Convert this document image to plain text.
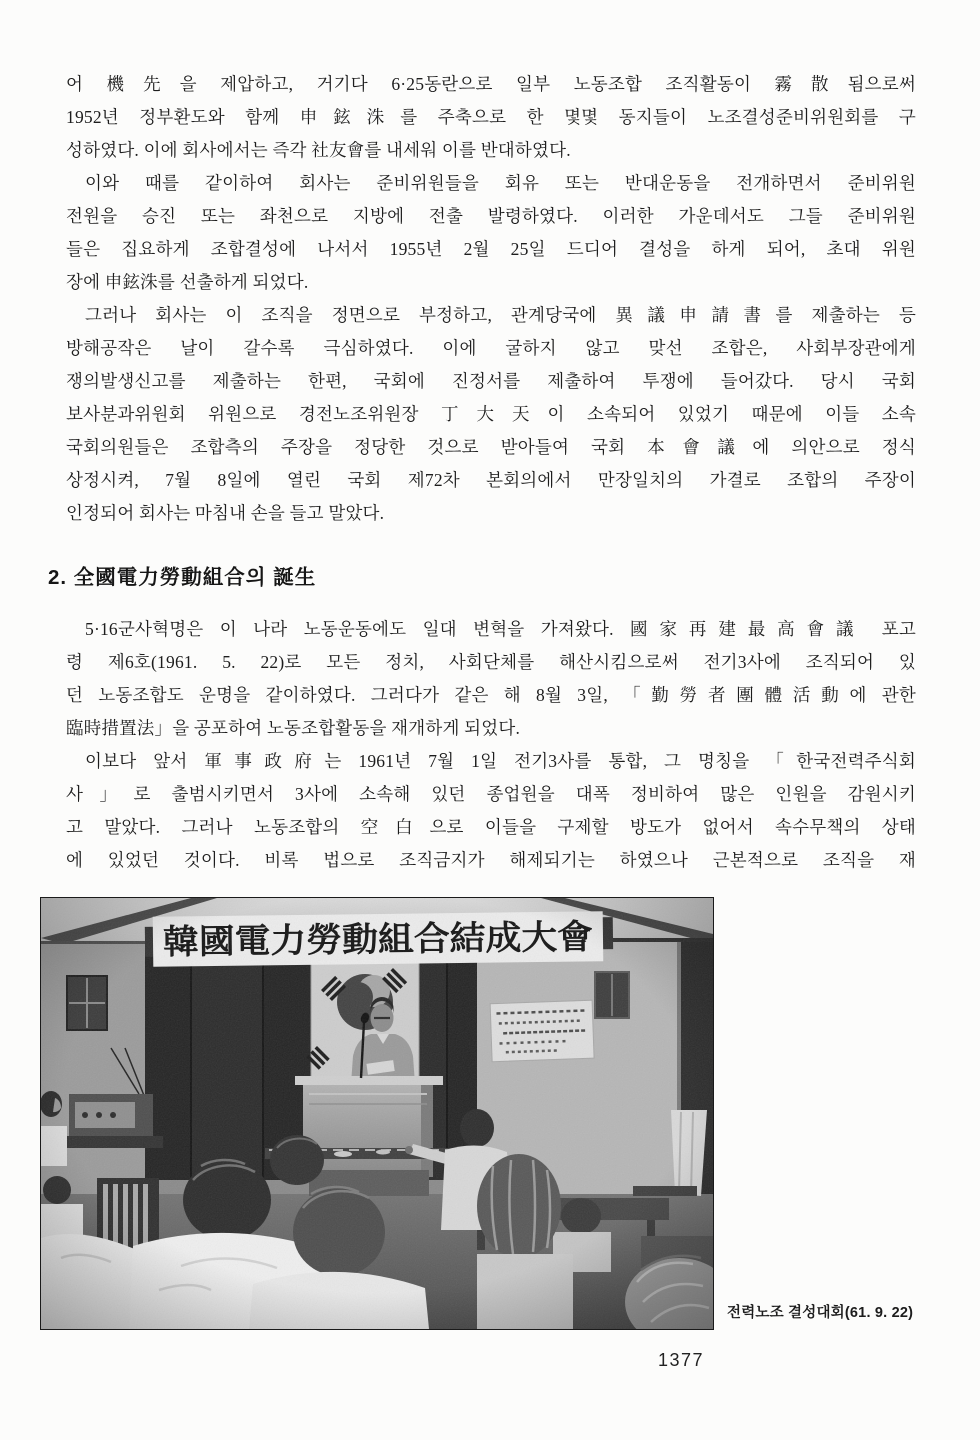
어 機先을 제압하고, 거기다 6·25동란으로 일부 노동조합 조직활동이 霧散됨으로써
1952년 정부환도와 함께 申鉉洙를 주축으로 한 몇몇 동지들이 노조결성준비위원회를 구
성하였다. 이에 회사에서는 즉각 社友會를 내세워 이를 반대하였다.
이와 때를 같이하여 회사는 준비위원들을 회유 또는 반대운동을 전개하면서 준비위원
전원을 승진 또는 좌천으로 지방에 전출 발령하였다. 이러한 가운데서도 그들 준비위원
들은 집요하게 조합결성에 나서서 1955년 2월 25일 드디어 결성을 하게 되어, 초대 위원
장에 申鉉洙를 선출하게 되었다.
그러나 회사는 이 조직을 정면으로 부정하고, 관계당국에 異議申請書를 제출하는 등
방해공작은 날이 갈수록 극심하였다. 이에 굴하지 않고 맞선 조합은, 사회부장관에게
쟁의발생신고를 제출하는 한편, 국회에 진정서를 제출하여 투쟁에 들어갔다. 당시 국회
보사분과위원회 위원으로 경전노조위원장 丁大天이 소속되어 있었기 때문에 이들 소속
국회의원들은 조합측의 주장을 정당한 것으로 받아들여 국회 本會議에 의안으로 정식
상정시켜, 7월 8일에 열린 국회 제72차 본회의에서 만장일치의 가결로 조합의 주장이
인정되어 회사는 마침내 손을 들고 말았다.
2. 全國電力勞動組合의 誕生
5·16군사혁명은 이 나라 노동운동에도 일대 변혁을 가져왔다. 國家再建最高會議 포고
령 제6호(1961. 5. 22)로 모든 정치, 사회단체를 해산시킴으로써 전기3사에 조직되어 있
던 노동조합도 운명을 같이하였다. 그러다가 같은 해 8월 3일, 「勤勞者團體活動에 관한
臨時措置法」을 공포하여 노동조합활동을 재개하게 되었다.
이보다 앞서 軍事政府는 1961년 7월 1일 전기3사를 통합, 그 명칭을 「한국전력주식회
사」로 출범시키면서 3사에 소속해 있던 종업원을 대폭 정비하여 많은 인원을 감원시키
고 말았다. 그러나 노동조합의 空白으로 이들을 구제할 방도가 없어서 속수무책의 상태
에 있었던 것이다. 비록 법으로 조직금지가 해제되기는 하였으나 근본적으로 조직을 재
전력노조 결성대회(61. 9. 22)
1377
